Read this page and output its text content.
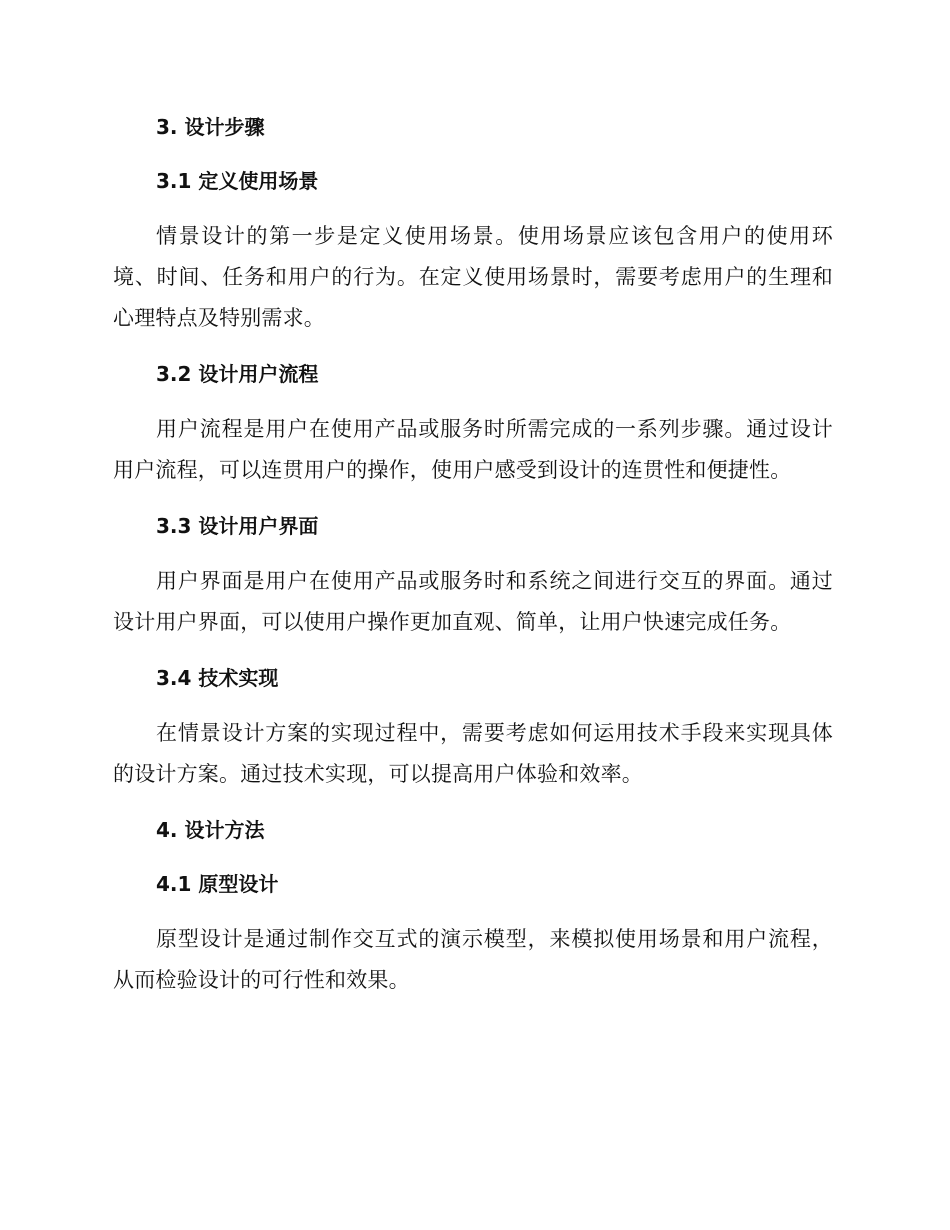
3. 设计步骤
3.1 定义使用场景

情景设计的第一步是定义使用场景。使用场景应该包含用户的使用环境、时间、任务和用户的行为。在定义使用场景时，需要考虑用户的生理和心理特点及特别需求。

3.2 设计用户流程

用户流程是用户在使用产品或服务时所需完成的一系列步骤。通过设计用户流程，可以连贯用户的操作，使用户感受到设计的连贯性和便捷性。

3.3 设计用户界面

用户界面是用户在使用产品或服务时和系统之间进行交互的界面。通过设计用户界面，可以使用户操作更加直观、简单，让用户快速完成任务。

3.4 技术实现

在情景设计方案的实现过程中，需要考虑如何运用技术手段来实现具体的设计方案。通过技术实现，可以提高用户体验和效率。

4. 设计方法
4.1 原型设计

原型设计是通过制作交互式的演示模型，来模拟使用场景和用户流程，从而检验设计的可行性和效果。
